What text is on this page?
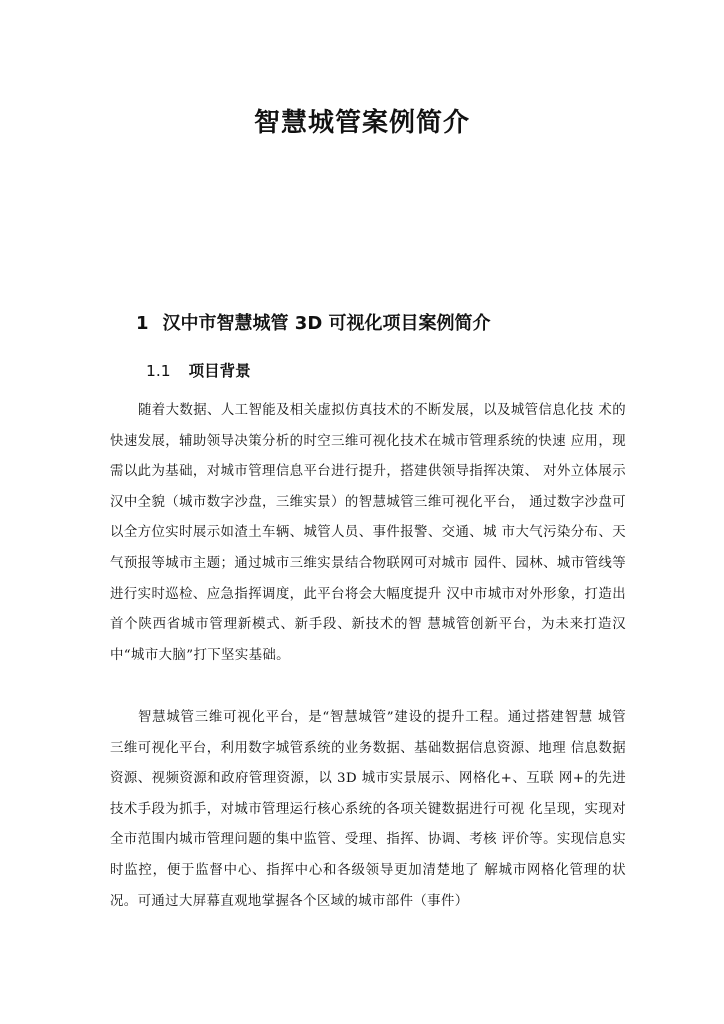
智慧城管案例简介
1 汉中市智慧城管 3D 可视化项目案例简介
1.1 项目背景

随着大数据、人工智能及相关虚拟仿真技术的不断发展，以及城管信息化技 术的快速发展，辅助领导决策分析的时空三维可视化技术在城市管理系统的快速 应用，现需以此为基础，对城市管理信息平台进行提升，搭建供领导指挥决策、 对外立体展示汉中全貌（城市数字沙盘，三维实景）的智慧城管三维可视化平台， 通过数字沙盘可以全方位实时展示如渣土车辆、城管人员、事件报警、交通、城 市大气污染分布、天气预报等城市主题；通过城市三维实景结合物联网可对城市 园件、园林、城市管线等进行实时巡检、应急指挥调度，此平台将会大幅度提升 汉中市城市对外形象，打造出首个陕西省城市管理新模式、新手段、新技术的智 慧城管创新平台，为未来打造汉中“城市大脑”打下坚实基础。

智慧城管三维可视化平台，是“智慧城管”建设的提升工程。通过搭建智慧 城管三维可视化平台，利用数字城管系统的业务数据、基础数据信息资源、地理 信息数据资源、视频资源和政府管理资源，以 3D 城市实景展示、网格化+、互联 网+的先进技术手段为抓手，对城市管理运行核心系统的各项关键数据进行可视 化呈现，实现对全市范围内城市管理问题的集中监管、受理、指挥、协调、考核 评价等。实现信息实时监控，便于监督中心、指挥中心和各级领导更加清楚地了 解城市网格化管理的状况。可通过大屏幕直观地掌握各个区域的城市部件（事件）
